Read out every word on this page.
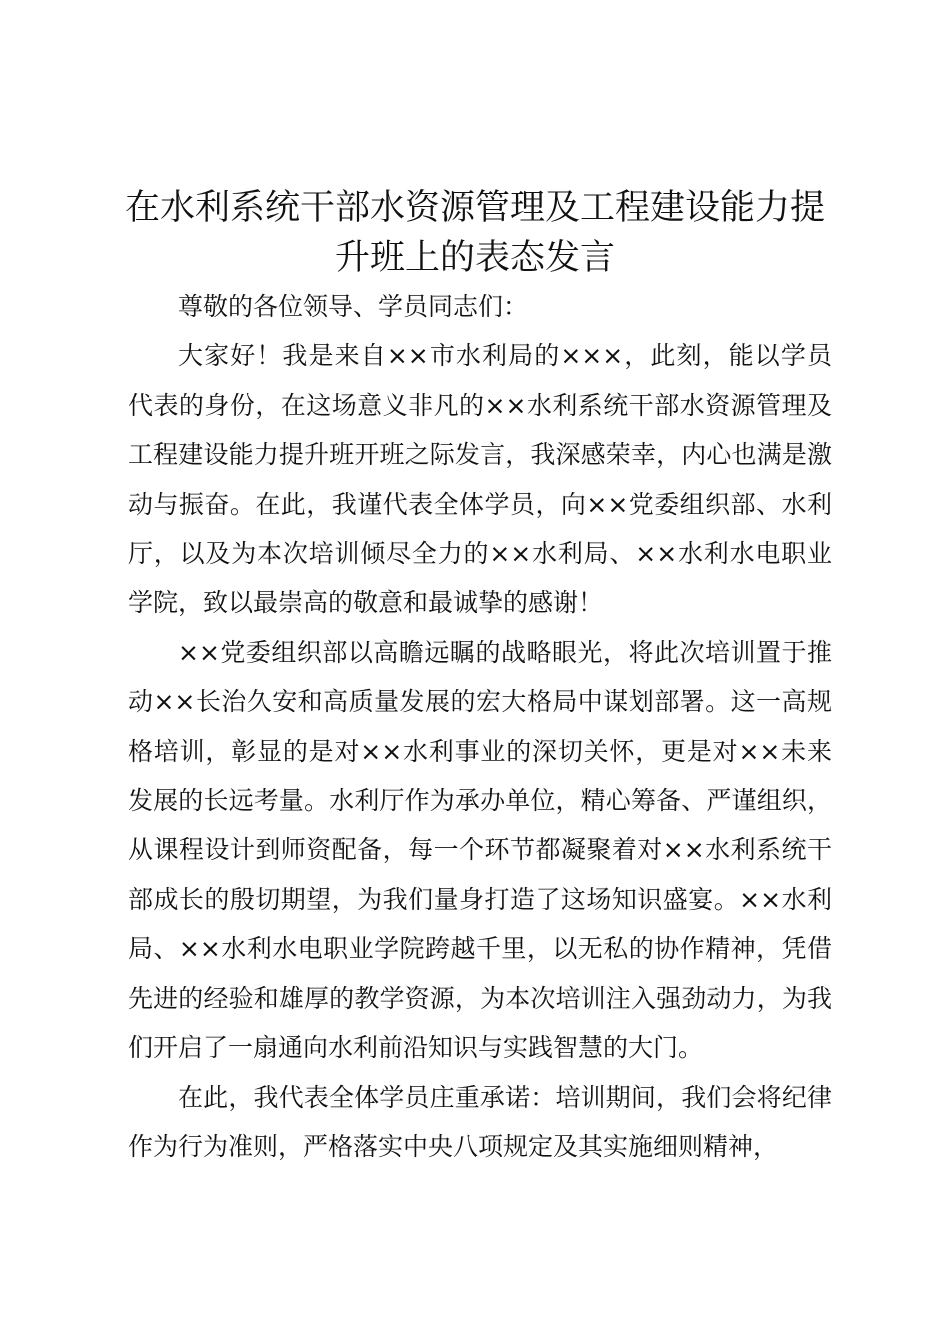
在水利系统干部水资源管理及工程建设能力提升班上的表态发言

尊敬的各位领导、学员同志们：

大家好！我是来自××市水利局的×××，此刻，能以学员代表的身份，在这场意义非凡的××水利系统干部水资源管理及工程建设能力提升班开班之际发言，我深感荣幸，内心也满是激动与振奋。在此，我谨代表全体学员，向××党委组织部、水利厅，以及为本次培训倾尽全力的××水利局、××水利水电职业学院，致以最崇高的敬意和最诚挚的感谢！

××党委组织部以高瞻远瞩的战略眼光，将此次培训置于推动××长治久安和高质量发展的宏大格局中谋划部署。这一高规格培训，彰显的是对××水利事业的深切关怀，更是对××未来发展的长远考量。水利厅作为承办单位，精心筹备、严谨组织，从课程设计到师资配备，每一个环节都凝聚着对××水利系统干部成长的殷切期望，为我们量身打造了这场知识盛宴。××水利局、××水利水电职业学院跨越千里，以无私的协作精神，凭借先进的经验和雄厚的教学资源，为本次培训注入强劲动力，为我们开启了一扇通向水利前沿知识与实践智慧的大门。

在此，我代表全体学员庄重承诺：培训期间，我们会将纪律作为行为准则，严格落实中央八项规定及其实施细则精神，
